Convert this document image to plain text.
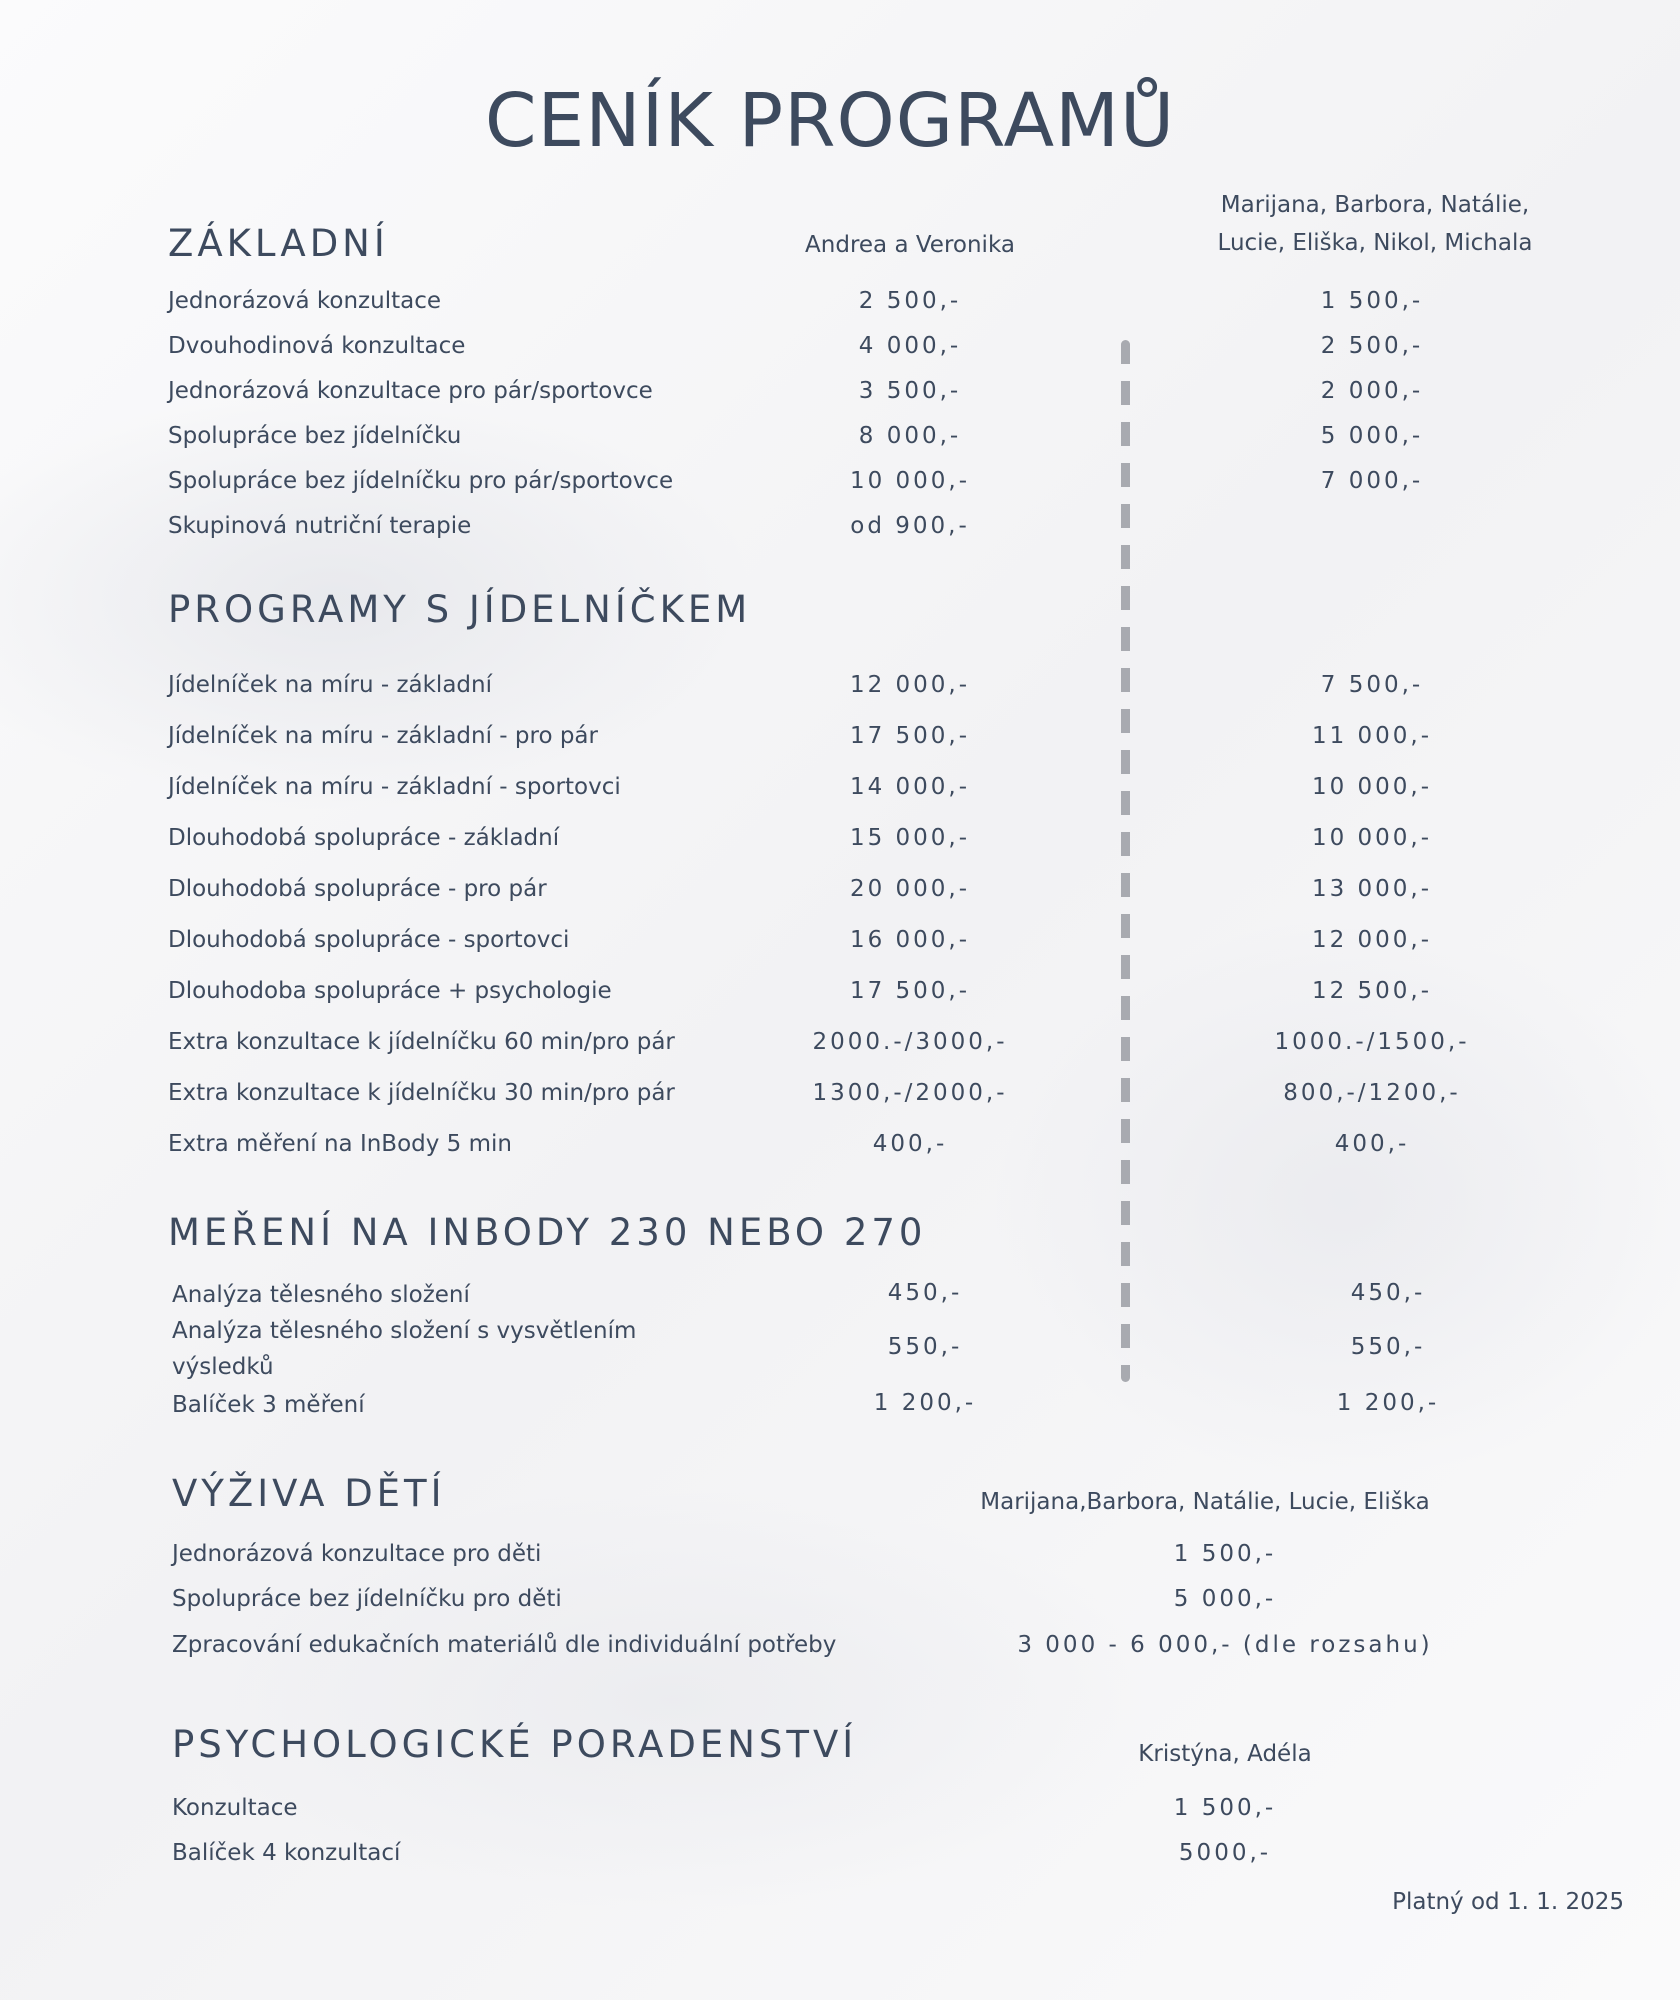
CENÍK PROGRAMŮ
Andrea a Veronika
Marijana, Barbora, Natálie,
Lucie, Eliška, Nikol, Michala
ZÁKLADNÍ
Jednorázová konzultace	2 500,-	1 500,-
Dvouhodinová konzultace	4 000,-	2 500,-
Jednorázová konzultace pro pár/sportovce	3 500,-	2 000,-
Spolupráce bez jídelníčku	8 000,-	5 000,-
Spolupráce bez jídelníčku pro pár/sportovce	10 000,-	7 000,-
Skupinová nutriční terapie	od 900,-
PROGRAMY S JÍDELNÍČKEM
Jídelníček na míru - základní	12 000,-	7 500,-
Jídelníček na míru - základní - pro pár	17 500,-	11 000,-
Jídelníček na míru - základní - sportovci	14 000,-	10 000,-
Dlouhodobá spolupráce - základní	15 000,-	10 000,-
Dlouhodobá spolupráce - pro pár	20 000,-	13 000,-
Dlouhodobá spolupráce - sportovci	16 000,-	12 000,-
Dlouhodoba spolupráce + psychologie	17 500,-	12 500,-
Extra konzultace k jídelníčku 60 min/pro pár	2000.-/3000,-	1000.-/1500,-
Extra konzultace k jídelníčku 30 min/pro pár	1300,-/2000,-	800,-/1200,-
Extra měření na InBody 5 min	400,-	400,-
MEŘENÍ NA INBODY 230 NEBO 270
Analýza tělesného složení	450,-	450,-
Analýza tělesného složení s vysvětlením
výsledků
550,-	550,-
Balíček 3 měření	1 200,-	1 200,-
VÝŽIVA DĚTÍ	Marijana,Barbora, Natálie, Lucie, Eliška
Jednorázová konzultace pro děti	1 500,-
Spolupráce bez jídelníčku pro děti	5 000,-
Zpracování edukačních materiálů dle individuální potřeby	3 000 - 6 000,- (dle rozsahu)
PSYCHOLOGICKÉ PORADENSTVÍ	Kristýna, Adéla
Konzultace	1 500,-
Balíček 4 konzultací	5000,-
Platný od 1. 1. 2025
